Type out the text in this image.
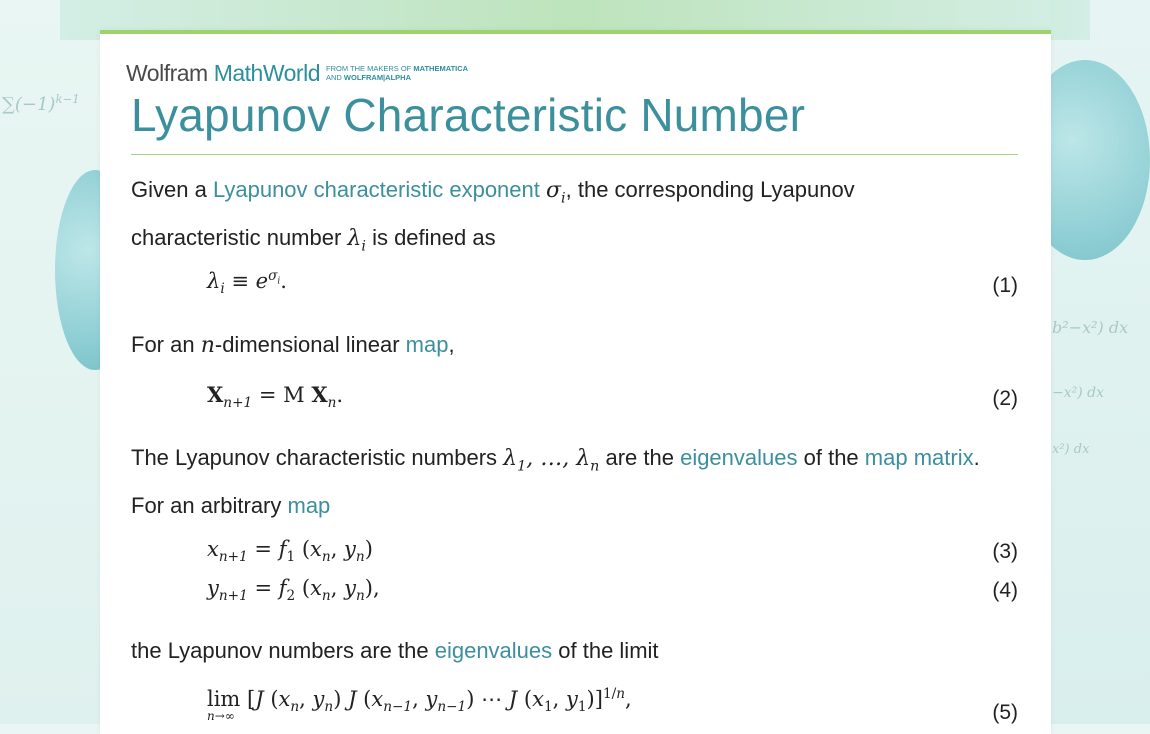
$\sum(-1)^{k-1}$
b²−x²) dx
−x²) dx
x²) dx
Wolfram MathWorld FROM THE MAKERS OF MATHEMATICA
AND WOLFRAM|ALPHA
Lyapunov Characteristic Number
Given a Lyapunov characteristic exponent $\sigma_i$, the corresponding Lyapunov
characteristic number $\lambda_i$ is defined as
$\lambda_i \equiv e^{\sigma_i}$.	(1)
For an n-dimensional linear map,
$X_{n+1} = M$ $X_n$.	(2)
The Lyapunov characteristic numbers $\lambda_1$, …, $\lambda_n$ are the eigenvalues of the map matrix.
For an arbitrary map
$x_{n+1} = f_1$ ($x_n$, $y_n$)	(3)
$y_{n+1} = f_2$ ($x_n$, $y_n$),	(4)
the Lyapunov numbers are the eigenvalues of the limit
lim [J ($x_n$, $y_n$) J ($x_{n-1}$, $y_{n-1}$) ⋯ J ($x_1$, $y_1)]^{1/n}$,
n→∞	(5)
